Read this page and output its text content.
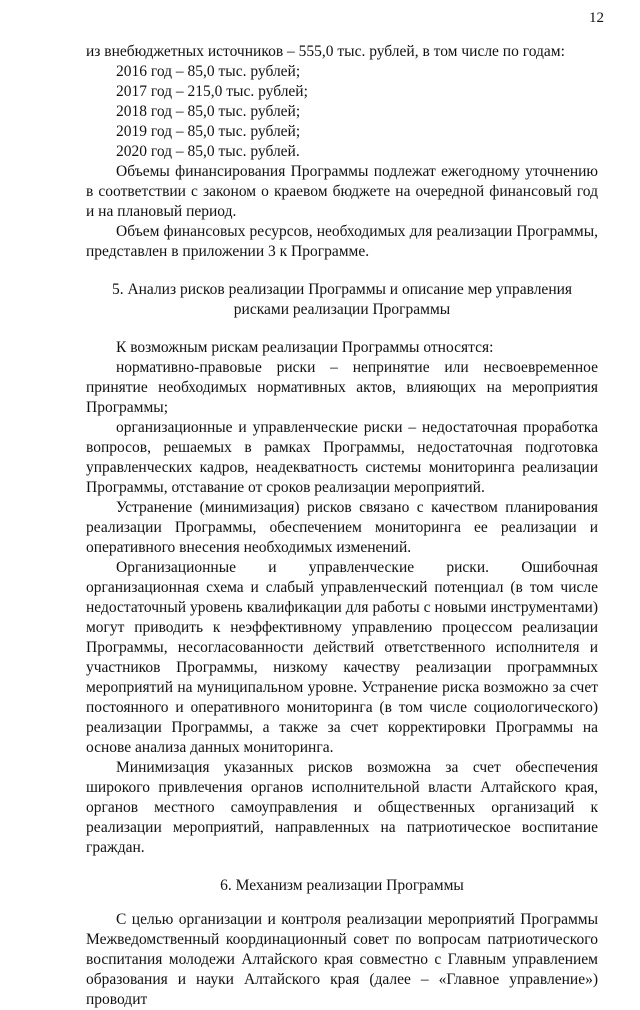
12

из внебюджетных источников – 555,0 тыс. рублей, в том числе по годам:

2016 год – 85,0 тыс. рублей;

2017 год – 215,0 тыс. рублей;

2018 год – 85,0 тыс. рублей;

2019 год – 85,0 тыс. рублей;

2020 год – 85,0 тыс. рублей.

Объемы финансирования Программы подлежат ежегодному уточнению в соответствии с законом о краевом бюджете на очередной финансовый год и на плановый период.

Объем финансовых ресурсов, необходимых для реализации Программы, представлен в приложении 3 к Программе.

5. Анализ рисков реализации Программы и описание мер управления
рисками реализации Программы

К возможным рискам реализации Программы относятся:

нормативно-правовые риски – непринятие или несвоевременное принятие необходимых нормативных актов, влияющих на мероприятия Программы;

организационные и управленческие риски – недостаточная проработка вопросов, решаемых в рамках Программы, недостаточная подготовка управленческих кадров, неадекватность системы мониторинга реализации Программы, отставание от сроков реализации мероприятий.

Устранение (минимизация) рисков связано с качеством планирования реализации Программы, обеспечением мониторинга ее реализации и оперативного внесения необходимых изменений.

Организационные и управленческие риски. Ошибочная организационная схема и слабый управленческий потенциал (в том числе недостаточный уровень квалификации для работы с новыми инструментами) могут приводить к неэффективному управлению процессом реализации Программы, несогласованности действий ответственного исполнителя и участников Программы, низкому качеству реализации программных мероприятий на муниципальном уровне. Устранение риска возможно за счет постоянного и оперативного мониторинга (в том числе социологического) реализации Программы, а также за счет корректировки Программы на основе анализа данных мониторинга.

Минимизация указанных рисков возможна за счет обеспечения широкого привлечения органов исполнительной власти Алтайского края, органов местного самоуправления и общественных организаций к реализации мероприятий, направленных на патриотическое воспитание граждан.

6. Механизм реализации Программы

С целью организации и контроля реализации мероприятий Программы Межведомственный координационный совет по вопросам патриотического воспитания молодежи Алтайского края совместно с Главным управлением образования и науки Алтайского края (далее – «Главное управление») проводит
